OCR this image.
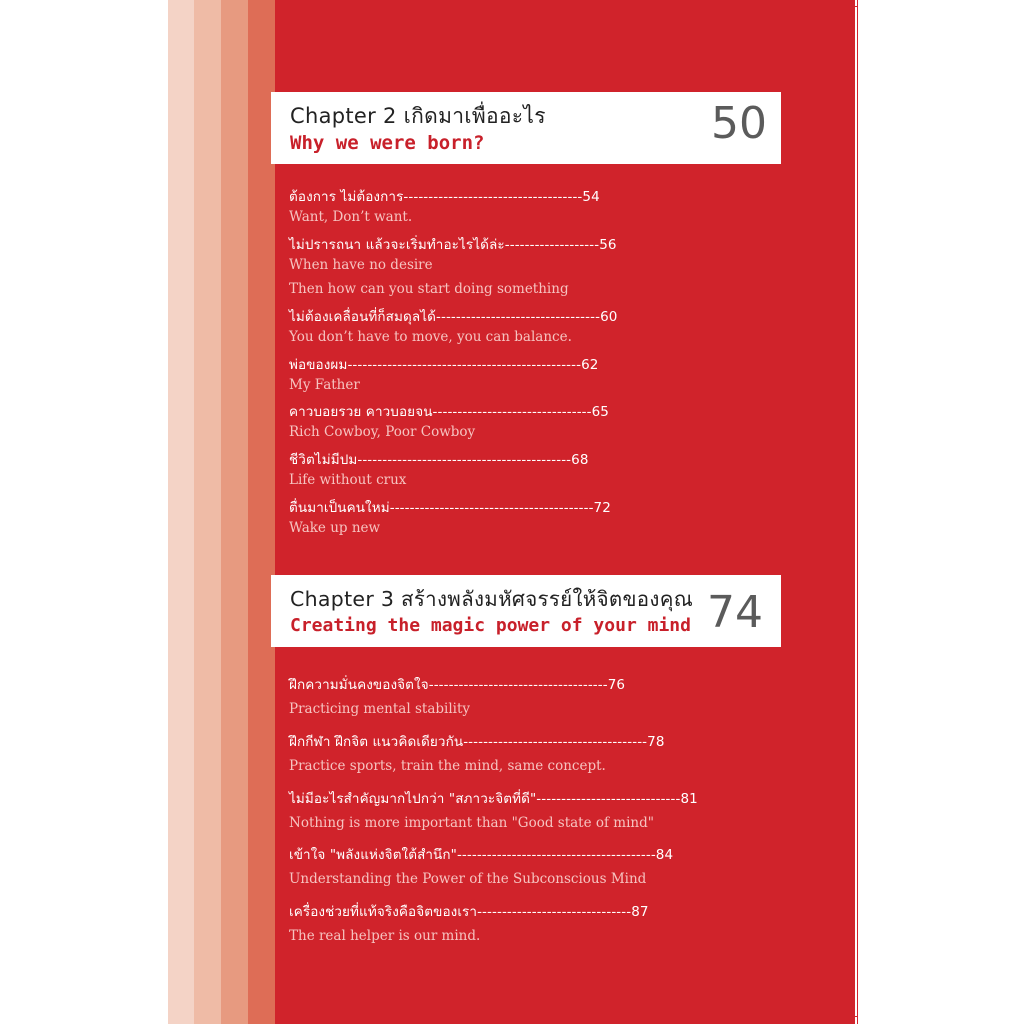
Chapter 2 เกิดมาเพื่ออะไร
Why we were born?	50
ต้องการ ไม่ต้องการ------------------------------------54
Want, Don’t want.
ไม่ปรารถนา แล้วจะเริ่มทำอะไรได้ล่ะ-------------------56
When have no desire
Then how can you start doing something
ไม่ต้องเคลื่อนที่ก็สมดุลได้---------------------------------60
You don’t have to move, you can balance.
พ่อของผม-----------------------------------------------62
My Father
คาวบอยรวย คาวบอยจน--------------------------------65
Rich Cowboy, Poor Cowboy
ชีวิตไม่มีปม-------------------------------------------68
Life without crux
ตื่นมาเป็นคนใหม่-----------------------------------------72
Wake up new
Chapter 3 สร้างพลังมหัศจรรย์ให้จิตของคุณ
Creating the magic power of your mind 74
ฝึกความมั่นคงของจิตใจ------------------------------------76
Practicing mental stability
ฝึกกีฬา ฝึกจิต แนวคิดเดียวกัน-------------------------------------78
Practice sports, train the mind, same concept.
ไม่มีอะไรสำคัญมากไปกว่า "สภาวะจิตที่ดี"-----------------------------81
Nothing is more important than "Good state of mind"
เข้าใจ "พลังแห่งจิตใต้สำนึก"----------------------------------------84
Understanding the Power of the Subconscious Mind
เครื่องช่วยที่แท้จริงคือจิตของเรา-------------------------------87
The real helper is our mind.
